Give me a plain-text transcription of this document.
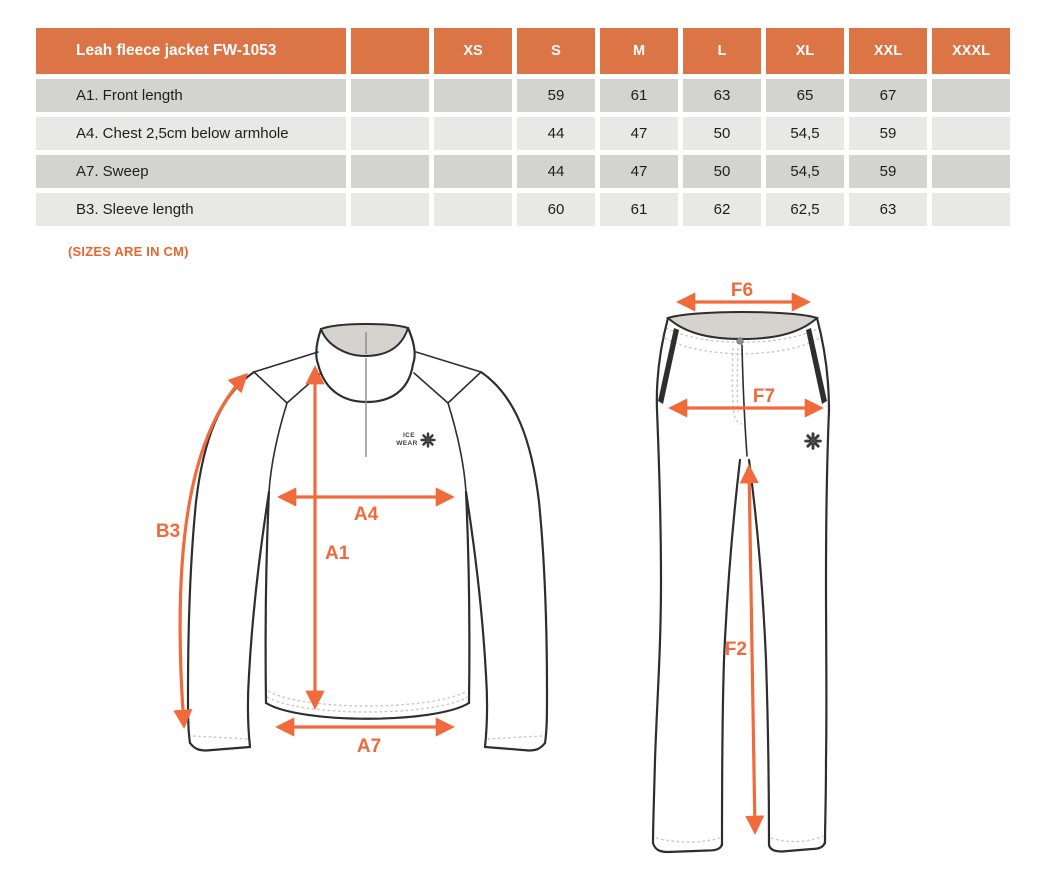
Leah fleece jacket FW-1053		XS	S	M	L	XL	XXL	XXXL
A1. Front length			59	61	63	65	67	
A4. Chest 2,5cm below armhole			44	47	50	54,5	59	
A7. Sweep			44	47	50	54,5	59	
B3. Sleeve length			60	61	62	62,5	63	
(SIZES ARE IN CM)
ICE
WEAR
B3
A4
A1
A7
F6
F7
F2
